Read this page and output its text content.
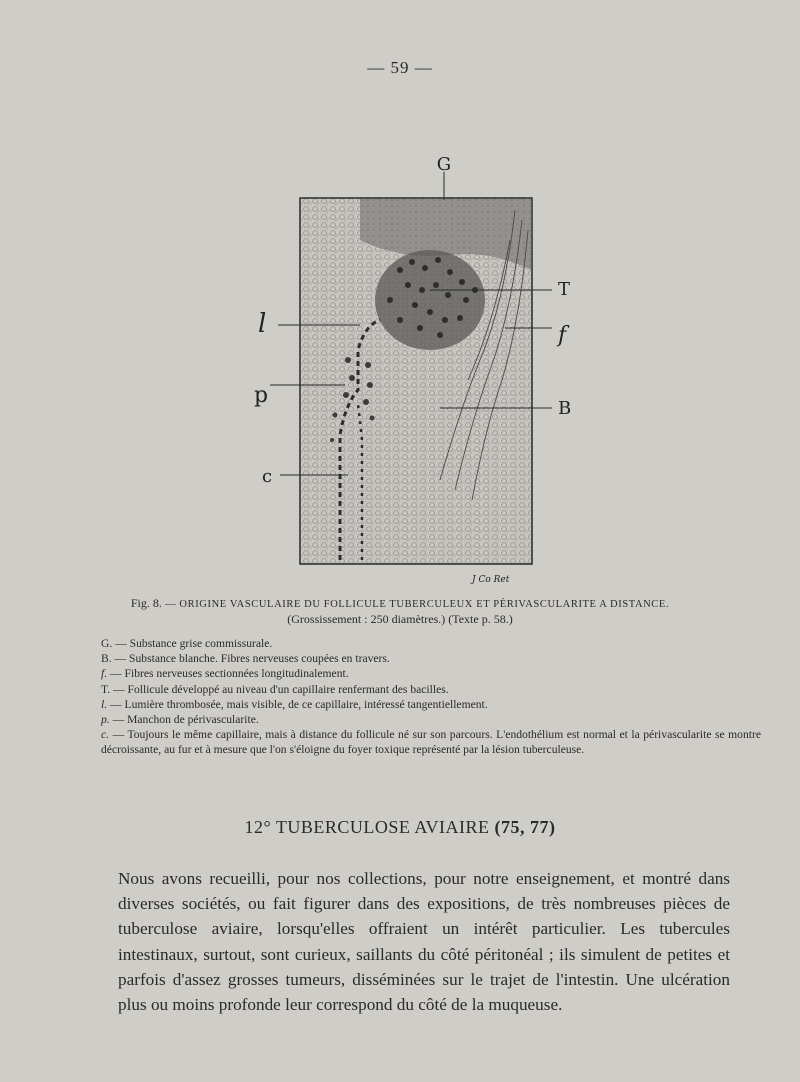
— 59 —
G
T
f
B
l
p
c
J Co Ret
Fig. 8. — ORIGINE VASCULAIRE DU FOLLICULE TUBERCULEUX ET PÉRIVASCULARITE A DISTANCE.
(Grossissement : 250 diamètres.) (Texte p. 58.)
G. — Substance grise commissurale.
B. — Substance blanche. Fibres nerveuses coupées en travers.
f. — Fibres nerveuses sectionnées longitudinalement.
T. — Follicule développé au niveau d'un capillaire renfermant des bacilles.
l. — Lumière thrombosée, mais visible, de ce capillaire, intéressé tangentiellement.
p. — Manchon de périvascularite.
c. — Toujours le même capillaire, mais à distance du follicule né sur son parcours. L'endothélium est normal et la périvascularite se montre décroissante, au fur et à mesure que l'on s'éloigne du foyer toxique représenté par la lésion tuberculeuse.
12° TUBERCULOSE AVIAIRE (75, 77)

Nous avons recueilli, pour nos collections, pour notre enseignement, et montré dans diverses sociétés, ou fait figurer dans des expositions, de très nombreuses pièces de tuberculose aviaire, lorsqu'elles offraient un intérêt particulier. Les tubercules intestinaux, surtout, sont curieux, saillants du côté péritonéal ; ils simulent de petites et parfois d'assez grosses tumeurs, disséminées sur le trajet de l'intestin. Une ulcération plus ou moins profonde leur correspond du côté de la muqueuse.
